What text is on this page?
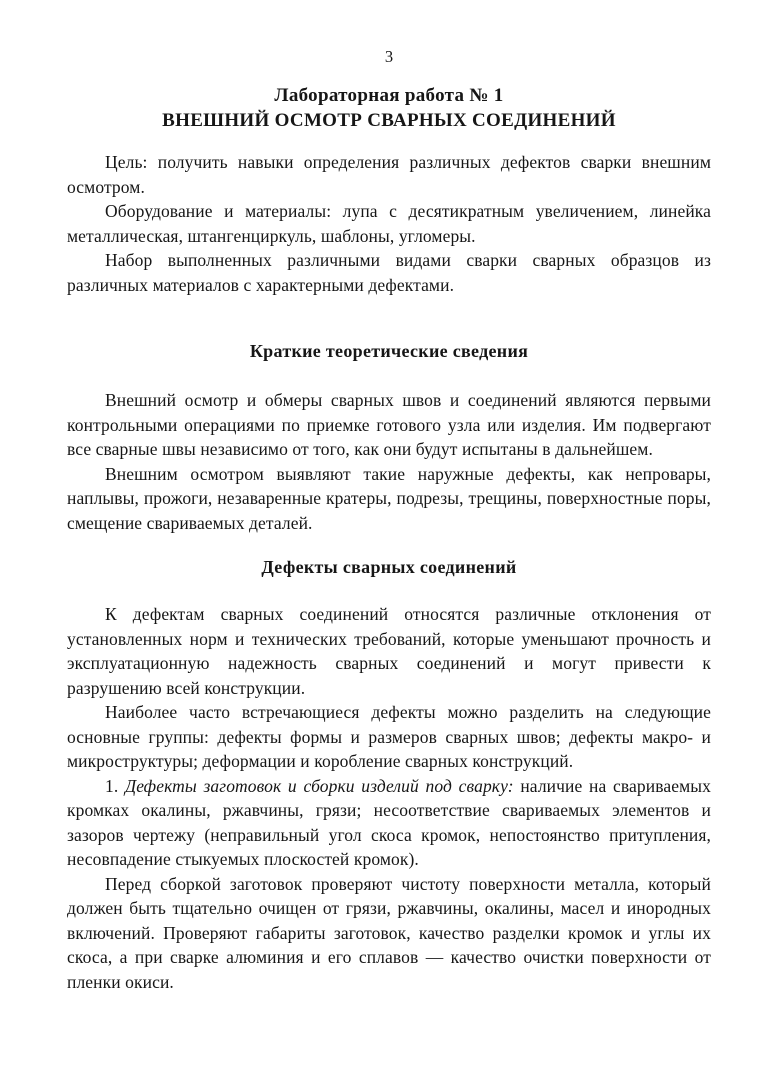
3
Лабораторная работа № 1
ВНЕШНИЙ ОСМОТР СВАРНЫХ СОЕДИНЕНИЙ

Цель: получить навыки определения различных дефектов сварки внешним осмотром.

Оборудование и материалы: лупа с десятикратным увеличением, линейка металлическая, штангенциркуль, шаблоны, угломеры.

Набор выполненных различными видами сварки сварных образцов из различных материалов с характерными дефектами.

Краткие теоретические сведения

Внешний осмотр и обмеры сварных швов и соединений являются первыми контрольными операциями по приемке готового узла или изделия. Им подвергают все сварные швы независимо от того, как они будут испытаны в дальнейшем.

Внешним осмотром выявляют такие наружные дефекты, как непровары, наплывы, прожоги, незаваренные кратеры, подрезы, трещины, поверхностные поры, смещение свариваемых деталей.

Дефекты сварных соединений

К дефектам сварных соединений относятся различные отклонения от установленных норм и технических требований, которые уменьшают прочность и эксплуатационную надежность сварных соединений и могут привести к разрушению всей конструкции.

Наиболее часто встречающиеся дефекты можно разделить на следующие основные группы: дефекты формы и размеров сварных швов; дефекты макро- и микроструктуры; деформации и коробление сварных конструкций.

1. Дефекты заготовок и сборки изделий под сварку: наличие на свариваемых кромках окалины, ржавчины, грязи; несоответствие свариваемых элементов и зазоров чертежу (неправильный угол скоса кромок, непостоянство притупления, несовпадение стыкуемых плоскостей кромок).

Перед сборкой заготовок проверяют чистоту поверхности металла, который должен быть тщательно очищен от грязи, ржавчины, окалины, масел и инородных включений. Проверяют габариты заготовок, качество разделки кромок и углы их скоса, а при сварке алюминия и его сплавов — качество очистки поверхности от пленки окиси.
